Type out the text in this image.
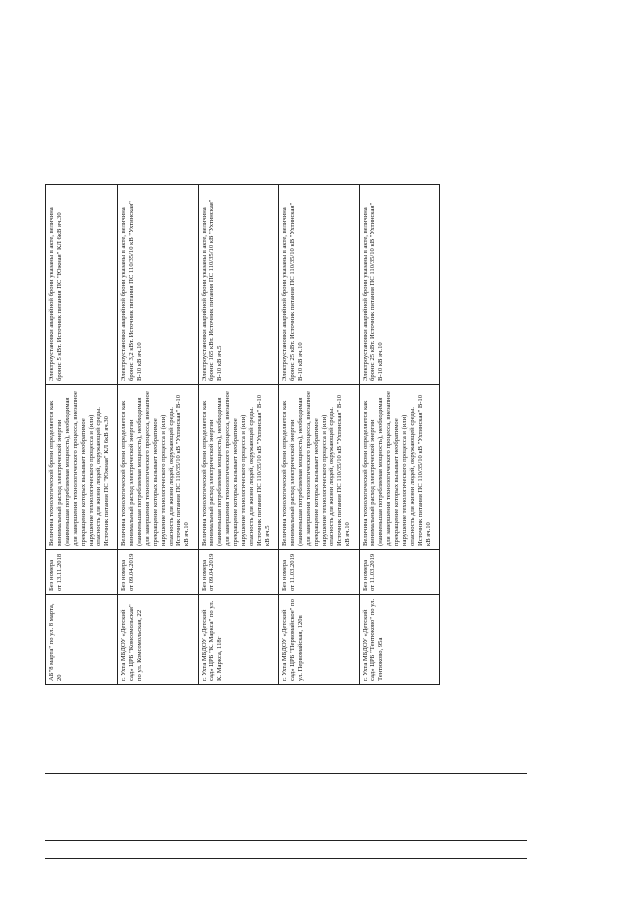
АБ"8 марта" по ул. 8 марта, 20	Без номера от 13.11.2018	Величина технологической брони определяется как минимальный расход электрической энергии (наименьшая потребляемая мощность), необходимая для завершения технологического процесса, внезапное прекращение которых вызывает необратимое нарушение технологического процесса и (или) опасность для жизни людей, окружающей среды. Источник питания ПС "Южная" КЛ 6кВ яч.30	Электроустановки аварийной брони указаны в акте, величина брони: 5 кВт. Источник питания ПС "Южная" КЛ 6кВ яч.30
г. Ухта МБДОУ «Детский сад» ЦРБ "Комсомольская" по ул. Комсомольская, 22	Без номера от 09.04.2019	Величина технологической брони определяется как минимальный расход электрической энергии (наименьшая потребляемая мощность), необходимая для завершения технологического процесса, внезапное прекращение которых вызывает необратимое нарушение технологического процесса и (или) опасность для жизни людей, окружающей среды. Источник питания ПС 110/35/10 кВ "Ухтинская" В-10 кВ яч.10	Электроустановки аварийной брони указаны в акте, величина брони: 3,2 кВт. Источник питания ПС 110/35/10 кВ "Ухтинская" В-10 кВ яч.10
г. Ухта МБДОУ «Детский сад» ЦРБ "К. Маркса" по ул. К. Маркса, 118г	Без номера от 09.04.2019	Величина технологической брони определяется как минимальный расход электрической энергии (наименьшая потребляемая мощность), необходимая для завершения технологического процесса, внезапное прекращение которых вызывает необратимое нарушение технологического процесса и (или) опасность для жизни людей, окружающей среды. Источник питания ПС 110/35/10 кВ "Ухтинская" В-10 кВ яч.5	Электроустановки аварийной брони указаны в акте, величина брони: 165 кВт. Источник питания ПС 110/35/10 кВ "Ухтинская" В-10 кВ яч.5
г. Ухта МБДОУ «Детский сад» ЦРБ "Первомайское" по ул. Первомайская, 120в	Без номера от 11.03.2019	Величина технологической брони определяется как минимальный расход электрической энергии (наименьшая потребляемая мощность), необходимая для завершения технологического процесса, внезапное прекращение которых вызывает необратимое нарушение технологического процесса и (или) опасность для жизни людей, окружающей среды. Источник питания ПС 110/35/10 кВ "Ухтинская" В-10 кВ яч.10	Электроустановки аварийной брони указаны в акте, величина брони: 25 кВт. Источник питания ПС 110/35/10 кВ "Ухтинская" В-10 кВ яч.10
г. Ухта МБДОУ «Детский сад» ЦРБ "Тентюково" по ул. Тентюково, 95а	Без номера от 11.03.2019	Величина технологической брони определяется как минимальный расход электрической энергии (наименьшая потребляемая мощность), необходимая для завершения технологического процесса, внезапное прекращение которых вызывает необратимое нарушение технологического процесса и (или) опасность для жизни людей, окружающей среды. Источник питания ПС 110/35/10 кВ "Ухтинская" В-10 кВ яч.10	Электроустановки аварийной брони указаны в акте, величина брони: 25 кВт. Источник питания ПС 110/35/10 кВ "Ухтинская" В-10 кВ яч.10
